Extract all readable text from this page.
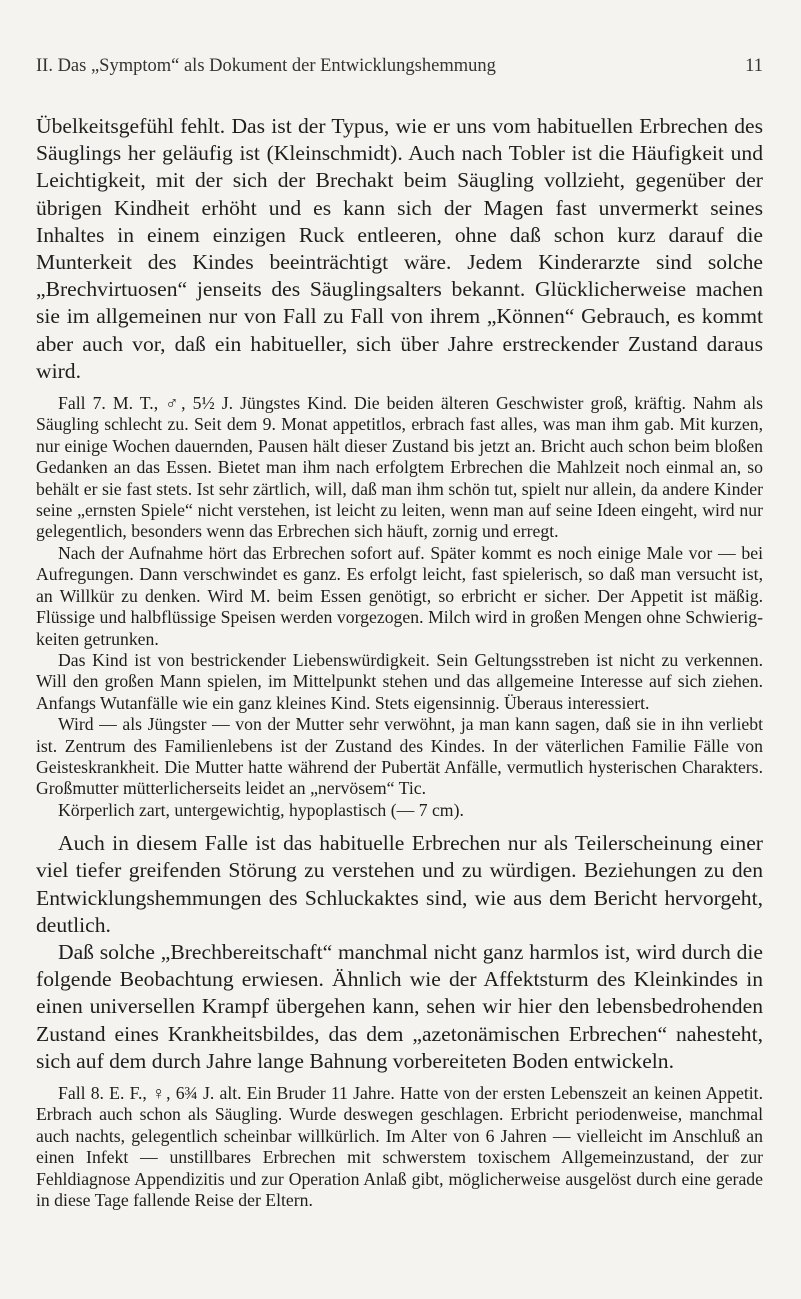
II. Das „Symptom“ als Dokument der Entwicklungshemmung	11

Übelkeitsgefühl fehlt. Das ist der Typus, wie er uns vom habituellen Erbrechen des Säuglings her geläufig ist (Kleinschmidt). Auch nach Tobler ist die Häufigkeit und Leichtigkeit, mit der sich der Brechakt beim Säugling vollzieht, gegenüber der übrigen Kindheit erhöht und es kann sich der Magen fast unvermerkt seines Inhaltes in einem einzigen Ruck entleeren, ohne daß schon kurz darauf die Munterkeit des Kindes beeinträchtigt wäre. Jedem Kinderarzte sind solche „Brechvirtuosen“ jenseits des Säuglingsalters bekannt. Glücklicherweise machen sie im allgemeinen nur von Fall zu Fall von ihrem „Können“ Gebrauch, es kommt aber auch vor, daß ein habitueller, sich über Jahre erstreckender Zustand daraus wird.

Fall 7. M. T., ♂, 5½ J. Jüngstes Kind. Die beiden älteren Geschwister groß, kräftig. Nahm als Säugling schlecht zu. Seit dem 9. Monat appetitlos, erbrach fast alles, was man ihm gab. Mit kurzen, nur einige Wochen dauernden, Pausen hält dieser Zustand bis jetzt an. Bricht auch schon beim bloßen Gedanken an das Essen. Bietet man ihm nach erfolgtem Erbrechen die Mahlzeit noch einmal an, so behält er sie fast stets. Ist sehr zärtlich, will, daß man ihm schön tut, spielt nur allein, da andere Kinder seine „ernsten Spiele“ nicht verstehen, ist leicht zu leiten, wenn man auf seine Ideen eingeht, wird nur gelegentlich, besonders wenn das Erbrechen sich häuft, zornig und erregt.

Nach der Aufnahme hört das Erbrechen sofort auf. Später kommt es noch einige Male vor — bei Aufregungen. Dann verschwindet es ganz. Es erfolgt leicht, fast spielerisch, so daß man versucht ist, an Willkür zu denken. Wird M. beim Essen genötigt, so erbricht er sicher. Der Appetit ist mäßig. Flüssige und halbflüssige Speisen werden vorgezogen. Milch wird in großen Mengen ohne Schwierigkeiten getrunken.

Das Kind ist von bestrickender Liebenswürdigkeit. Sein Geltungsstreben ist nicht zu verkennen. Will den großen Mann spielen, im Mittelpunkt stehen und das allgemeine Interesse auf sich ziehen. Anfangs Wutanfälle wie ein ganz kleines Kind. Stets eigensinnig. Überaus interessiert.

Wird — als Jüngster — von der Mutter sehr verwöhnt, ja man kann sagen, daß sie in ihn verliebt ist. Zentrum des Familienlebens ist der Zustand des Kindes. In der väterlichen Familie Fälle von Geisteskrankheit. Die Mutter hatte während der Pubertät Anfälle, vermutlich hysterischen Charakters. Großmutter mütterlicherseits leidet an „nervösem“ Tic.

Körperlich zart, untergewichtig, hypoplastisch (— 7 cm).

Auch in diesem Falle ist das habituelle Erbrechen nur als Teilerscheinung einer viel tiefer greifenden Störung zu verstehen und zu würdigen. Beziehungen zu den Entwicklungshemmungen des Schluckaktes sind, wie aus dem Bericht hervorgeht, deutlich.

Daß solche „Brechbereitschaft“ manchmal nicht ganz harmlos ist, wird durch die folgende Beobachtung erwiesen. Ähnlich wie der Affektsturm des Kleinkindes in einen universellen Krampf übergehen kann, sehen wir hier den lebensbedrohenden Zustand eines Krankheitsbildes, das dem „azetonämischen Erbrechen“ nahesteht, sich auf dem durch Jahre lange Bahnung vorbereiteten Boden entwickeln.

Fall 8. E. F., ♀, 6¾ J. alt. Ein Bruder 11 Jahre. Hatte von der ersten Lebenszeit an keinen Appetit. Erbrach auch schon als Säugling. Wurde deswegen geschlagen. Erbricht periodenweise, manchmal auch nachts, gelegentlich scheinbar willkürlich. Im Alter von 6 Jahren — vielleicht im Anschluß an einen Infekt — unstillbares Erbrechen mit schwerstem toxischem Allgemeinzustand, der zur Fehldiagnose Appendizitis und zur Operation Anlaß gibt, möglicherweise ausgelöst durch eine gerade in diese Tage fallende Reise der Eltern.
